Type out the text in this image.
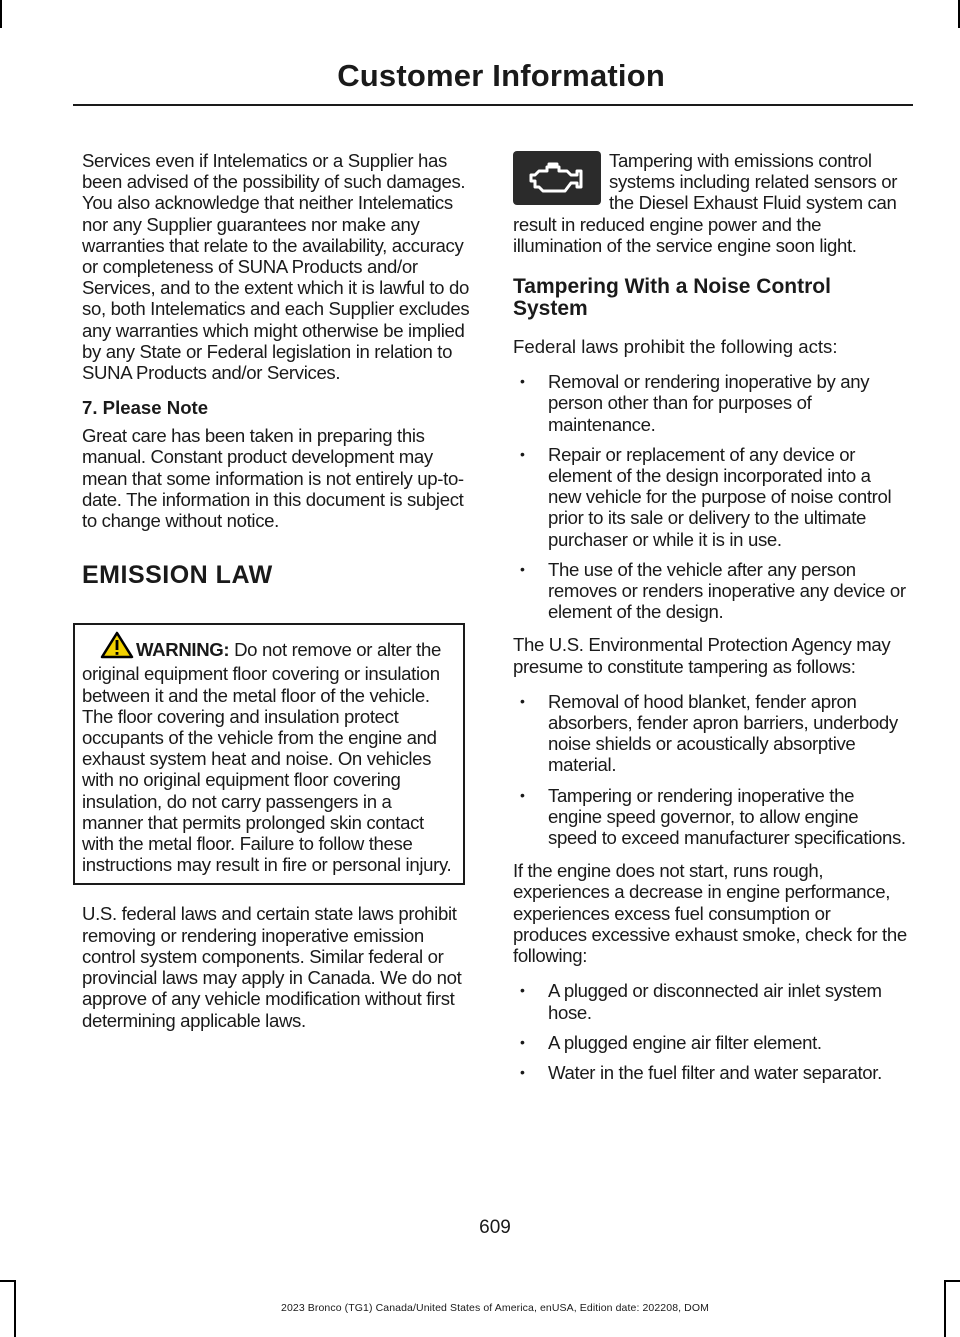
Customer Information

Services even if Intelematics or a Supplier has been advised of the possibility of such damages. You also acknowledge that neither Intelematics nor any Supplier guarantees nor make any warranties that relate to the availability, accuracy or completeness of SUNA Products and/or Services, and to the extent which it is lawful to do so, both Intelematics and each Supplier excludes any warranties which might otherwise be implied by any State or Federal legislation in relation to SUNA Products and/or Services.

7. Please Note

Great care has been taken in preparing this manual. Constant product development may mean that some information is not entirely up-to-date. The information in this document is subject to change without notice.

EMISSION LAW

WARNING: Do not remove or alter the original equipment floor covering or insulation between it and the metal floor of the vehicle. The floor covering and insulation protect occupants of the vehicle from the engine and exhaust system heat and noise. On vehicles with no original equipment floor covering insulation, do not carry passengers in a manner that permits prolonged skin contact with the metal floor. Failure to follow these instructions may result in fire or personal injury.

U.S. federal laws and certain state laws prohibit removing or rendering inoperative emission control system components. Similar federal or provincial laws may apply in Canada. We do not approve of any vehicle modification without first determining applicable laws.

Tampering with emissions control systems including related sensors or the Diesel Exhaust Fluid system can result in reduced engine power and the illumination of the service engine soon light.

Tampering With a Noise Control System

Federal laws prohibit the following acts:

• Removal or rendering inoperative by any person other than for purposes of maintenance.
• Repair or replacement of any device or element of the design incorporated into a new vehicle for the purpose of noise control prior to its sale or delivery to the ultimate purchaser or while it is in use.
• The use of the vehicle after any person removes or renders inoperative any device or element of the design.

The U.S. Environmental Protection Agency may presume to constitute tampering as follows:

• Removal of hood blanket, fender apron absorbers, fender apron barriers, underbody noise shields or acoustically absorptive material.
• Tampering or rendering inoperative the engine speed governor, to allow engine speed to exceed manufacturer specifications.

If the engine does not start, runs rough, experiences a decrease in engine performance, experiences excess fuel consumption or produces excessive exhaust smoke, check for the following:

• A plugged or disconnected air inlet system hose.
• A plugged engine air filter element.
• Water in the fuel filter and water separator.
609
2023 Bronco (TG1) Canada/United States of America, enUSA, Edition date: 202208, DOM
